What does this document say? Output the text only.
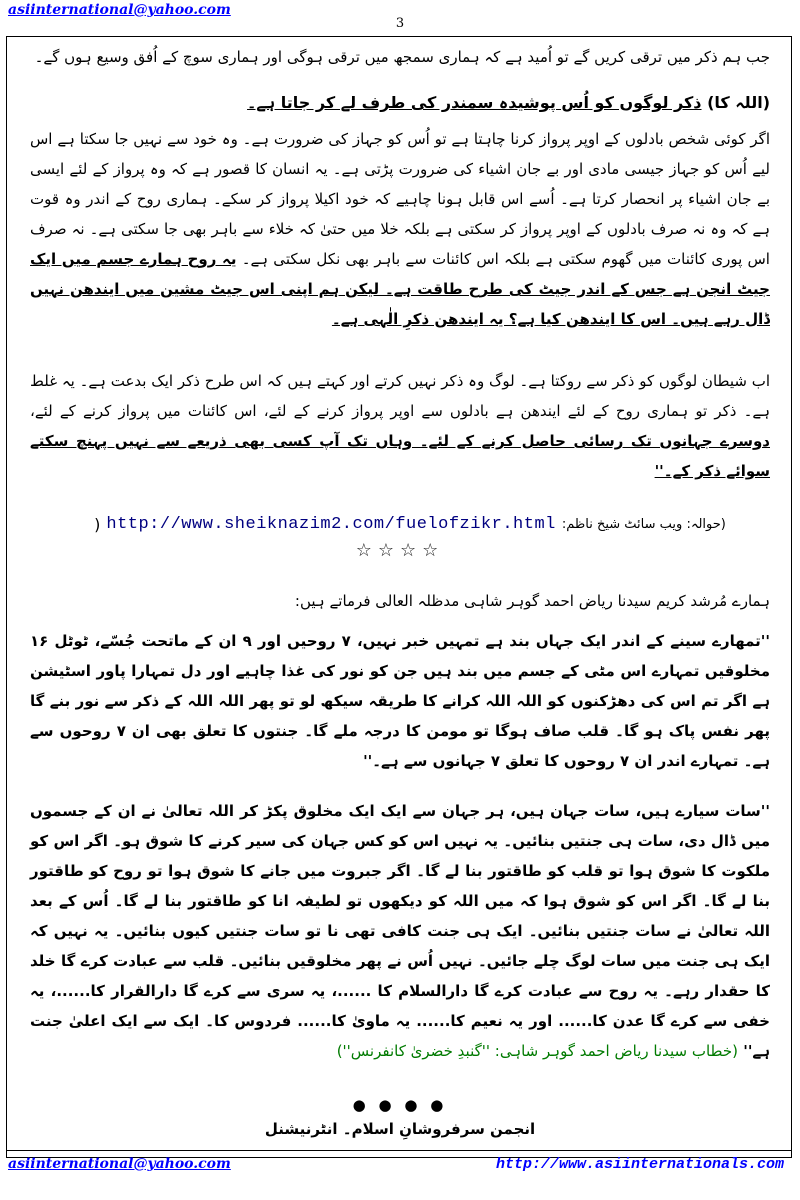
asiinternational@yahoo.com
3
جب ہم ذکر میں ترقی کریں گے تو اُمید ہے کہ ہماری سمجھ میں ترقی ہوگی اور ہماری سوچ کے اُفق وسیع ہوں گے۔
(اللہ کا) ذکر لوگوں کو اُس پوشیدہ سمندر کی طرف لے کر جاتا ہے۔
اگر کوئی شخص بادلوں کے اوپر پرواز کرنا چاہتا ہے تو اُس کو جہاز کی ضرورت ہے۔ وہ خود سے نہیں جا سکتا ہے اس لیے اُس کو جہاز جیسی مادی اور بے جان اشیاء کی ضرورت پڑتی ہے۔ یہ انسان کا قصور ہے کہ وہ پرواز کے لئے ایسی بے جان اشیاء پر انحصار کرتا ہے۔ اُسے اس قابل ہونا چاہیے کہ خود اکیلا پرواز کر سکے۔ ہماری روح کے اندر وہ قوت ہے کہ وہ نہ صرف بادلوں کے اوپر پرواز کر سکتی ہے بلکہ خلا میں حتیٰ کہ خلاء سے باہر بھی جا سکتی ہے۔ نہ صرف اس پوری کائنات میں گھوم سکتی ہے بلکہ اس کائنات سے باہر بھی نکل سکتی ہے۔ یہ روح ہمارے جسم میں ایک جیٹ انجن ہے جس کے اندر جیٹ کی طرح طاقت ہے۔ لیکن ہم اپنی اس جیٹ مشین میں ایندھن نہیں ڈال رہے ہیں۔ اس کا ایندھن کیا ہے؟ یہ ایندھن ذکرِ الٰہی ہے۔
اب شیطان لوگوں کو ذکر سے روکتا ہے۔ لوگ وہ ذکر نہیں کرتے اور کہتے ہیں کہ اس طرح ذکر ایک بدعت ہے۔ یہ غلط ہے۔ ذکر تو ہماری روح کے لئے ایندھن ہے بادلوں سے اوپر پرواز کرنے کے لئے، اس کائنات میں پرواز کرنے کے لئے، دوسرے جہانوں تک رسائی حاصل کرنے کے لئے۔ وہاں تک آپ کسی بھی ذریعے سے نہیں پہنچ سکتے سوائے ذکر کے۔''
(حوالہ: ویب سائٹ شیخ ناظم:
http://www.sheiknazim2.com/fuelofzikr.html
)
☆☆☆☆
ہمارے مُرشد کریم سیدنا ریاض احمد گوہر شاہی مدظلہ العالی فرماتے ہیں:
''تمھارے سینے کے اندر ایک جہاں بند ہے تمہیں خبر نہیں، ۷ روحیں اور ۹ ان کے ماتحت جُسّے، ٹوٹل ۱۶ مخلوقیں تمہارے اس مٹی کے جسم میں بند ہیں جن کو نور کی غذا چاہیے اور دل تمہارا پاور اسٹیشن ہے اگر تم اس کی دھڑکنوں کو اللہ اللہ کرانے کا طریقہ سیکھ لو تو پھر اللہ اللہ کے ذکر سے نور بنے گا پھر نفس پاک ہو گا۔ قلب صاف ہوگا تو مومن کا درجہ ملے گا۔ جنتوں کا تعلق بھی ان ۷ روحوں سے ہے۔ تمہارے اندر ان ۷ روحوں کا تعلق ۷ جہانوں سے ہے۔''
''سات سیارے ہیں، سات جہان ہیں، ہر جہان سے ایک ایک مخلوق پکڑ کر اللہ تعالیٰ نے ان کے جسموں میں ڈال دی، سات ہی جنتیں بنائیں۔ یہ نہیں اس کو کس جہان کی سیر کرنے کا شوق ہو۔ اگر اس کو ملکوت کا شوق ہوا تو قلب کو طاقتور بنا لے گا۔ اگر جبروت میں جانے کا شوق ہوا تو روح کو طاقتور بنا لے گا۔ اگر اس کو شوق ہوا کہ میں اللہ کو دیکھوں تو لطیفہ انا کو طاقتور بنا لے گا۔ اُس کے بعد اللہ تعالیٰ نے سات جنتیں بنائیں۔ ایک ہی جنت کافی تھی نا تو سات جنتیں کیوں بنائیں۔ یہ نہیں کہ ایک ہی جنت میں سات لوگ چلے جائیں۔ نہیں اُس نے پھر مخلوقیں بنائیں۔ قلب سے عبادت کرے گا خلد کا حقدار رہے۔ یہ روح سے عبادت کرے گا دارالسلام کا ......، یہ سری سے کرے گا دارالقرار کا......، یہ خفی سے کرے گا عدن کا...... اور یہ نعیم کا...... یہ ماویٰ کا...... فردوس کا۔ ایک سے ایک اعلیٰ جنت ہے'' (خطاب سیدنا ریاض احمد گوہر شاہی: ''گنبدِ خضریٰ کانفرنس'')
● ● ● ●
انجمن سرفروشانِ اسلام۔ انٹرنیشنل
asiinternational@yahoo.com	http://www.asiinternationals.com
